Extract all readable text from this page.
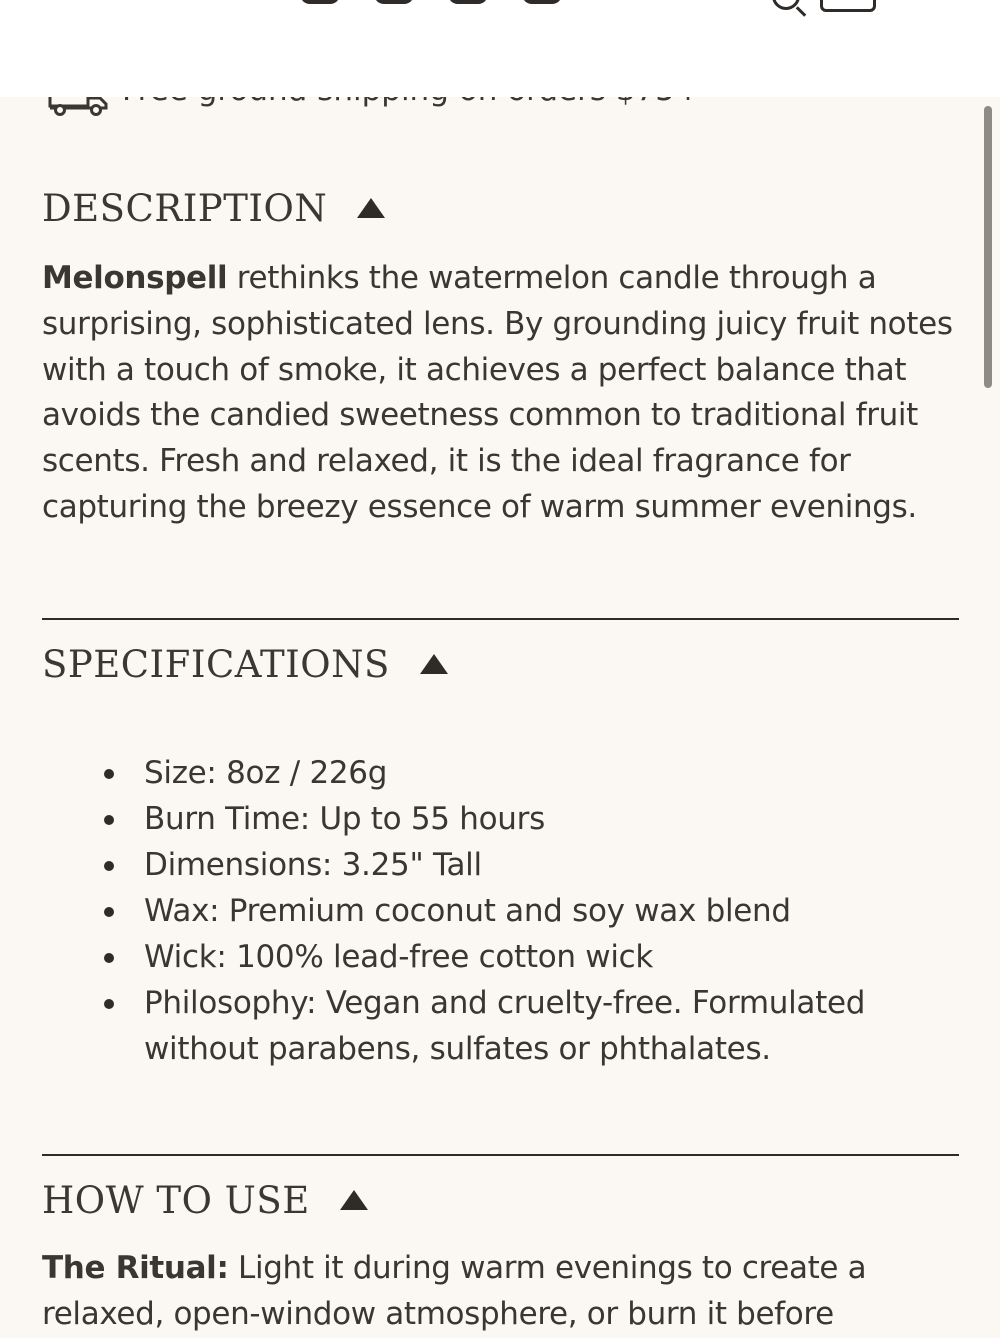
DESCRIPTION

Melonspell rethinks the watermelon candle through a surprising, sophisticated lens. By grounding juicy fruit notes with a touch of smoke, it achieves a perfect balance that avoids the candied sweetness common to traditional fruit scents. Fresh and relaxed, it is the ideal fragrance for capturing the breezy essence of warm summer evenings.

SPECIFICATIONS
Size: 8oz / 226g
Burn Time: Up to 55 hours
Dimensions: 3.25" Tall
Wax: Premium coconut and soy wax blend
Wick: 100% lead-free cotton wick
Philosophy: Vegan and cruelty-free. Formulated without parabens, sulfates or phthalates.
HOW TO USE

The Ritual: Light it during warm evenings to create a relaxed, open-window atmosphere, or burn it before
